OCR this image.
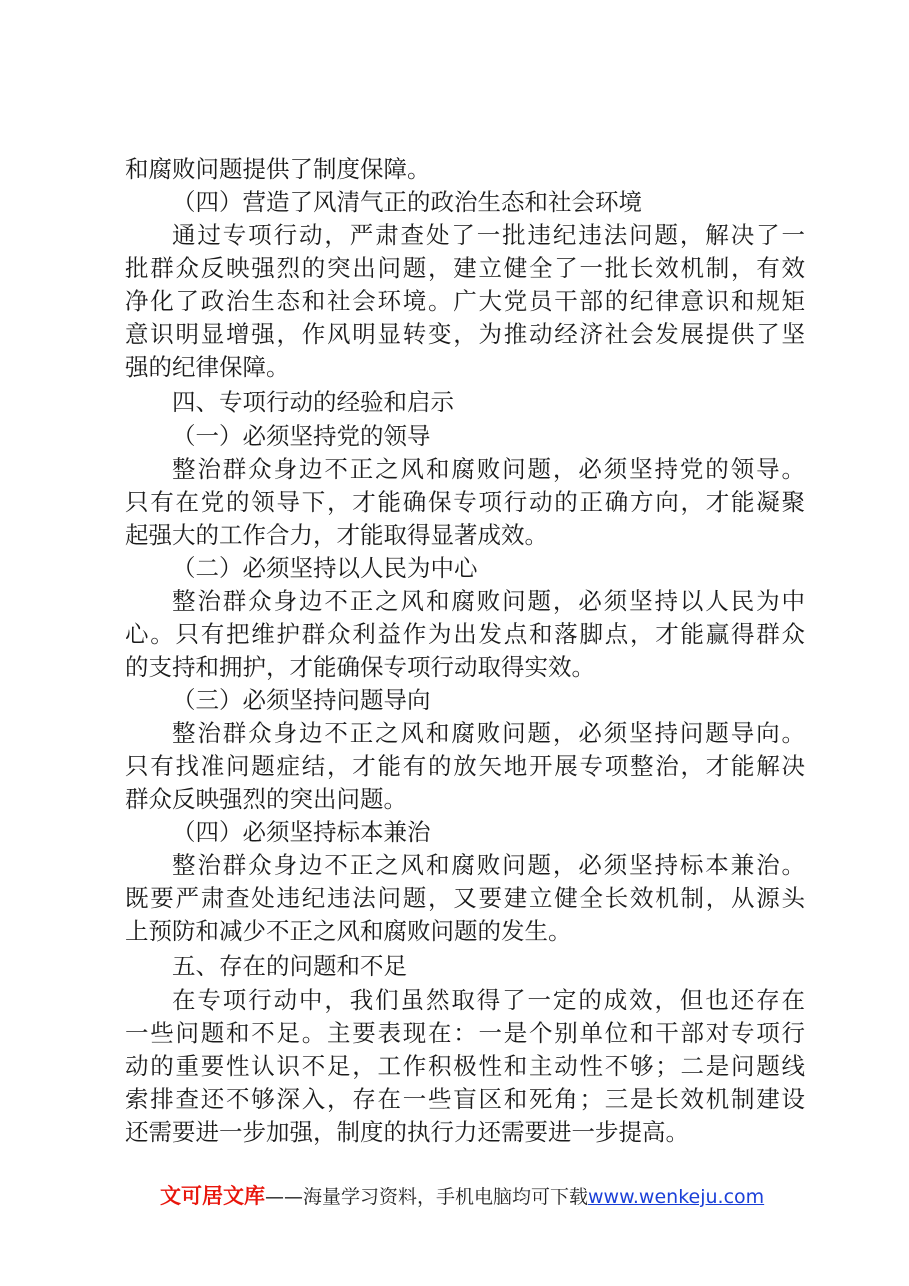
和腐败问题提供了制度保障。
（四）营造了风清气正的政治生态和社会环境
通过专项行动，严肃查处了一批违纪违法问题，解决了一
批群众反映强烈的突出问题，建立健全了一批长效机制，有效
净化了政治生态和社会环境。广大党员干部的纪律意识和规矩
意识明显增强，作风明显转变，为推动经济社会发展提供了坚
强的纪律保障。
四、专项行动的经验和启示
（一）必须坚持党的领导
整治群众身边不正之风和腐败问题，必须坚持党的领导。
只有在党的领导下，才能确保专项行动的正确方向，才能凝聚
起强大的工作合力，才能取得显著成效。
（二）必须坚持以人民为中心
整治群众身边不正之风和腐败问题，必须坚持以人民为中
心。只有把维护群众利益作为出发点和落脚点，才能赢得群众
的支持和拥护，才能确保专项行动取得实效。
（三）必须坚持问题导向
整治群众身边不正之风和腐败问题，必须坚持问题导向。
只有找准问题症结，才能有的放矢地开展专项整治，才能解决
群众反映强烈的突出问题。
（四）必须坚持标本兼治
整治群众身边不正之风和腐败问题，必须坚持标本兼治。
既要严肃查处违纪违法问题，又要建立健全长效机制，从源头
上预防和减少不正之风和腐败问题的发生。
五、存在的问题和不足
在专项行动中，我们虽然取得了一定的成效，但也还存在
一些问题和不足。主要表现在：一是个别单位和干部对专项行
动的重要性认识不足，工作积极性和主动性不够；二是问题线
索排查还不够深入，存在一些盲区和死角；三是长效机制建设
还需要进一步加强，制度的执行力还需要进一步提高。
文可居文库——海量学习资料，手机电脑均可下载www.wenkeju.com
